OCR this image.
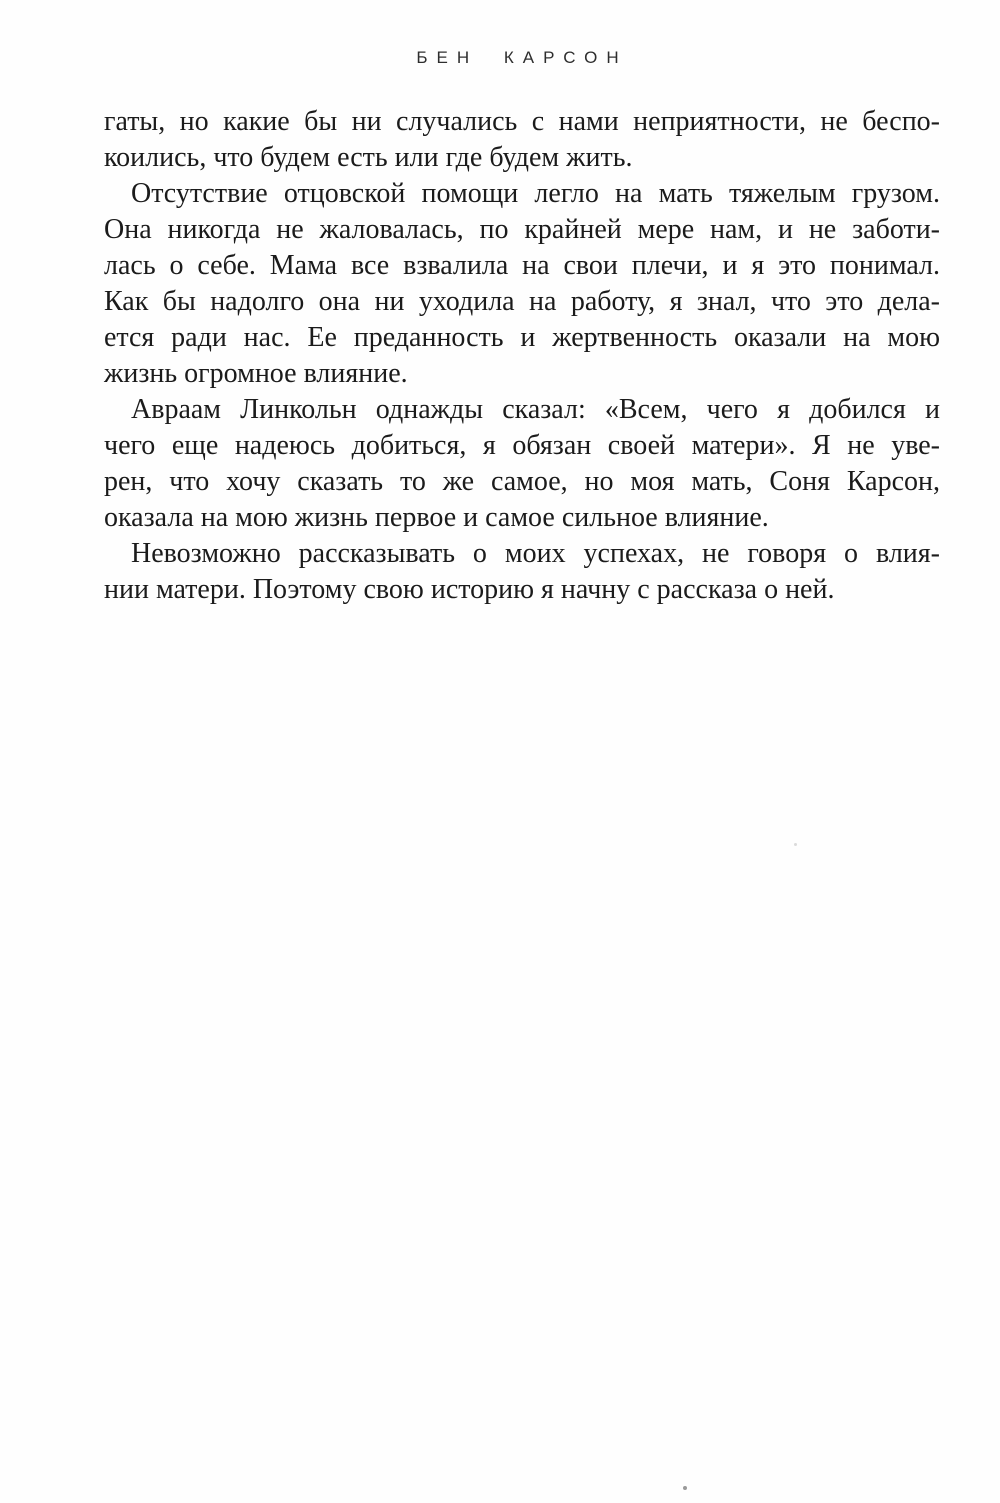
БЕН КАРСОН
гаты, но какие бы ни случались с нами неприятности, не беспо-
коились, что будем есть или где будем жить.
Отсутствие отцовской помощи легло на мать тяжелым грузом.
Она никогда не жаловалась, по крайней мере нам, и не заботи-
лась о себе. Мама все взвалила на свои плечи, и я это понимал.
Как бы надолго она ни уходила на работу, я знал, что это дела-
ется ради нас. Ее преданность и жертвенность оказали на мою
жизнь огромное влияние.
Авраам Линкольн однажды сказал: «Всем, чего я добился и
чего еще надеюсь добиться, я обязан своей матери». Я не уве-
рен, что хочу сказать то же самое, но моя мать, Соня Карсон,
оказала на мою жизнь первое и самое сильное влияние.
Невозможно рассказывать о моих успехах, не говоря о влия-
нии матери. Поэтому свою историю я начну с рассказа о ней.
